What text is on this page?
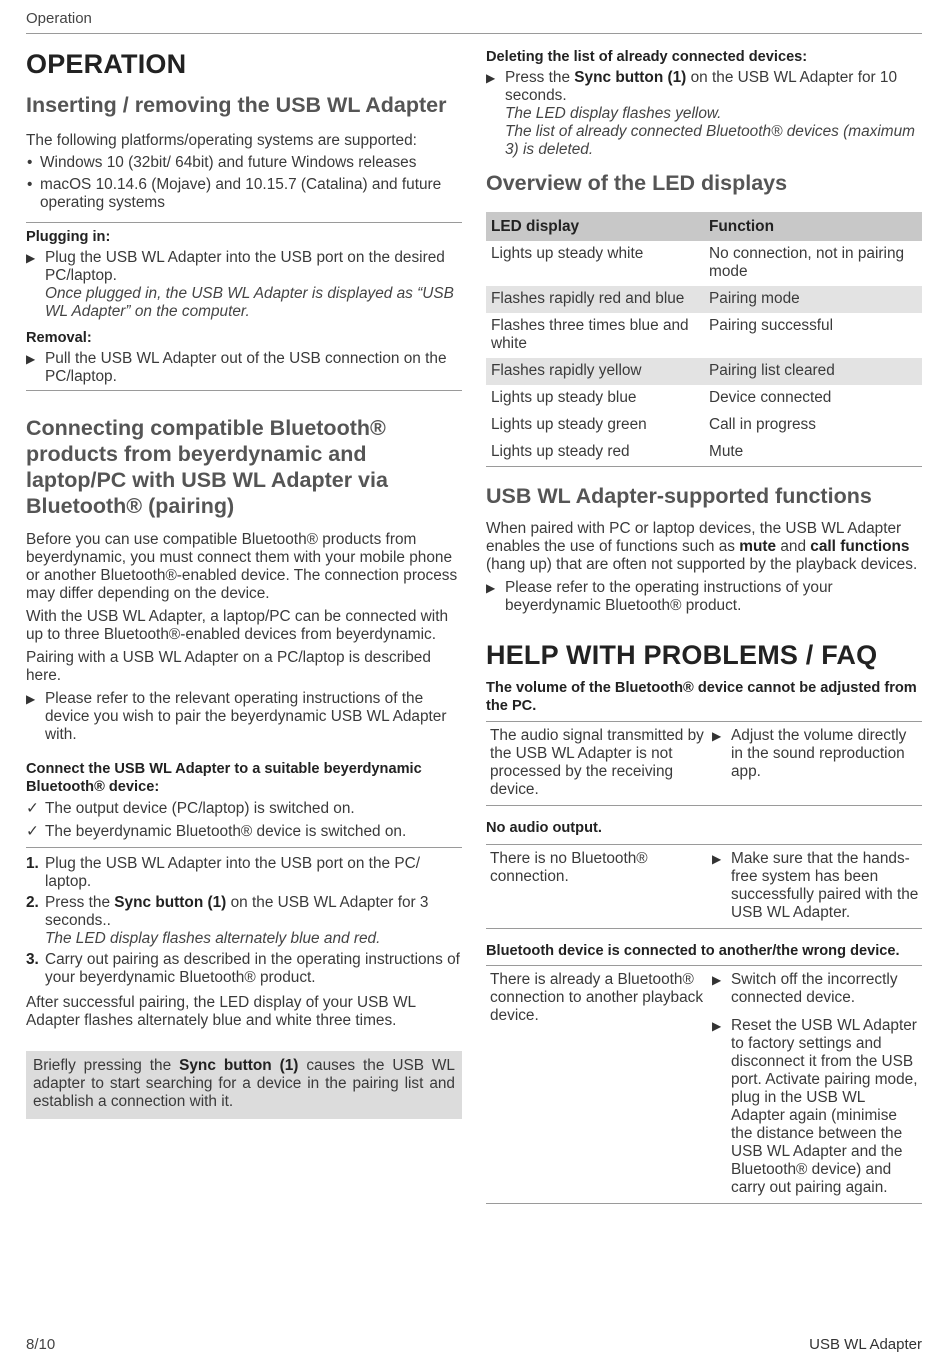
Operation
OPERATION
Inserting / removing the USB WL Adapter

The following platforms/operating systems are supported:

• Windows 10 (32bit/ 64bit) and future Windows releases
• macOS 10.14.6 (Mojave) and 10.15.7 (Catalina) and future operating systems
Plugging in:
▶ Plug the USB WL Adapter into the USB port on the desired PC/laptop.
Once plugged in, the USB WL Adapter is displayed as “USB WL Adapter” on the computer.
Removal:
▶ Pull the USB WL Adapter out of the USB connection on the PC/laptop.
Connecting compatible Bluetooth® products from beyerdynamic and laptop/PC with USB WL Adapter via Bluetooth® (pairing)

Before you can use compatible Bluetooth® products from beyerdynamic, you must connect them with your mobile phone or another Bluetooth®-enabled device. The connection process may differ depending on the device.

With the USB WL Adapter, a laptop/PC can be connected with up to three Bluetooth®-enabled devices from beyerdynamic.

Pairing with a USB WL Adapter on a PC/laptop is described here.

▶ Please refer to the relevant operating instructions of the device you wish to pair the beyerdynamic USB WL Adapter with.
Connect the USB WL Adapter to a suitable beyerdynamic Bluetooth® device:
✓ The output device (PC/laptop) is switched on.
✓ The beyerdynamic Bluetooth® device is switched on.
1. Plug the USB WL Adapter into the USB port on the PC/ laptop.
2. Press the Sync button (1) on the USB WL Adapter for 3 seconds..
The LED display flashes alternately blue and red.
3. Carry out pairing as described in the operating instructions of your beyerdynamic Bluetooth® product.

After successful pairing, the LED display of your USB WL Adapter flashes alternately blue and white three times.

Briefly pressing the Sync button (1) causes the USB WL adapter to start searching for a device in the pairing list and establish a connection with it.
Deleting the list of already connected devices:
▶ Press the Sync button (1) on the USB WL Adapter for 10 seconds.
The LED display flashes yellow.
The list of already connected Bluetooth® devices (maximum 3) is deleted.
Overview of the LED displays
LED display	Function
Lights up steady white	No connection, not in pairing mode
Flashes rapidly red and blue	Pairing mode
Flashes three times blue and white	Pairing successful
Flashes rapidly yellow	Pairing list cleared
Lights up steady blue	Device connected
Lights up steady green	Call in progress
Lights up steady red	Mute
USB WL Adapter-supported functions

When paired with PC or laptop devices, the USB WL Adapter enables the use of functions such as mute and call functions (hang up) that are often not supported by the playback devices.

▶ Please refer to the operating instructions of your beyerdynamic Bluetooth® product.
HELP WITH PROBLEMS / FAQ
The volume of the Bluetooth® device cannot be adjusted from the PC.
The audio signal transmitted by the USB WL Adapter is not processed by the receiving device.
▶ Adjust the volume directly in the sound reproduction app.
No audio output.
There is no Bluetooth® connection.
▶ Make sure that the hands-free system has been successfully paired with the USB WL Adapter.
Bluetooth device is connected to another/the wrong device.
There is already a Bluetooth® connection to another playback device.
▶ Switch off the incorrectly connected device.
▶ Reset the USB WL Adapter to factory settings and disconnect it from the USB port. Activate pairing mode, plug in the USB WL Adapter again (minimise the distance between the USB WL Adapter and the Bluetooth® device) and carry out pairing again.
8/10	USB WL Adapter
